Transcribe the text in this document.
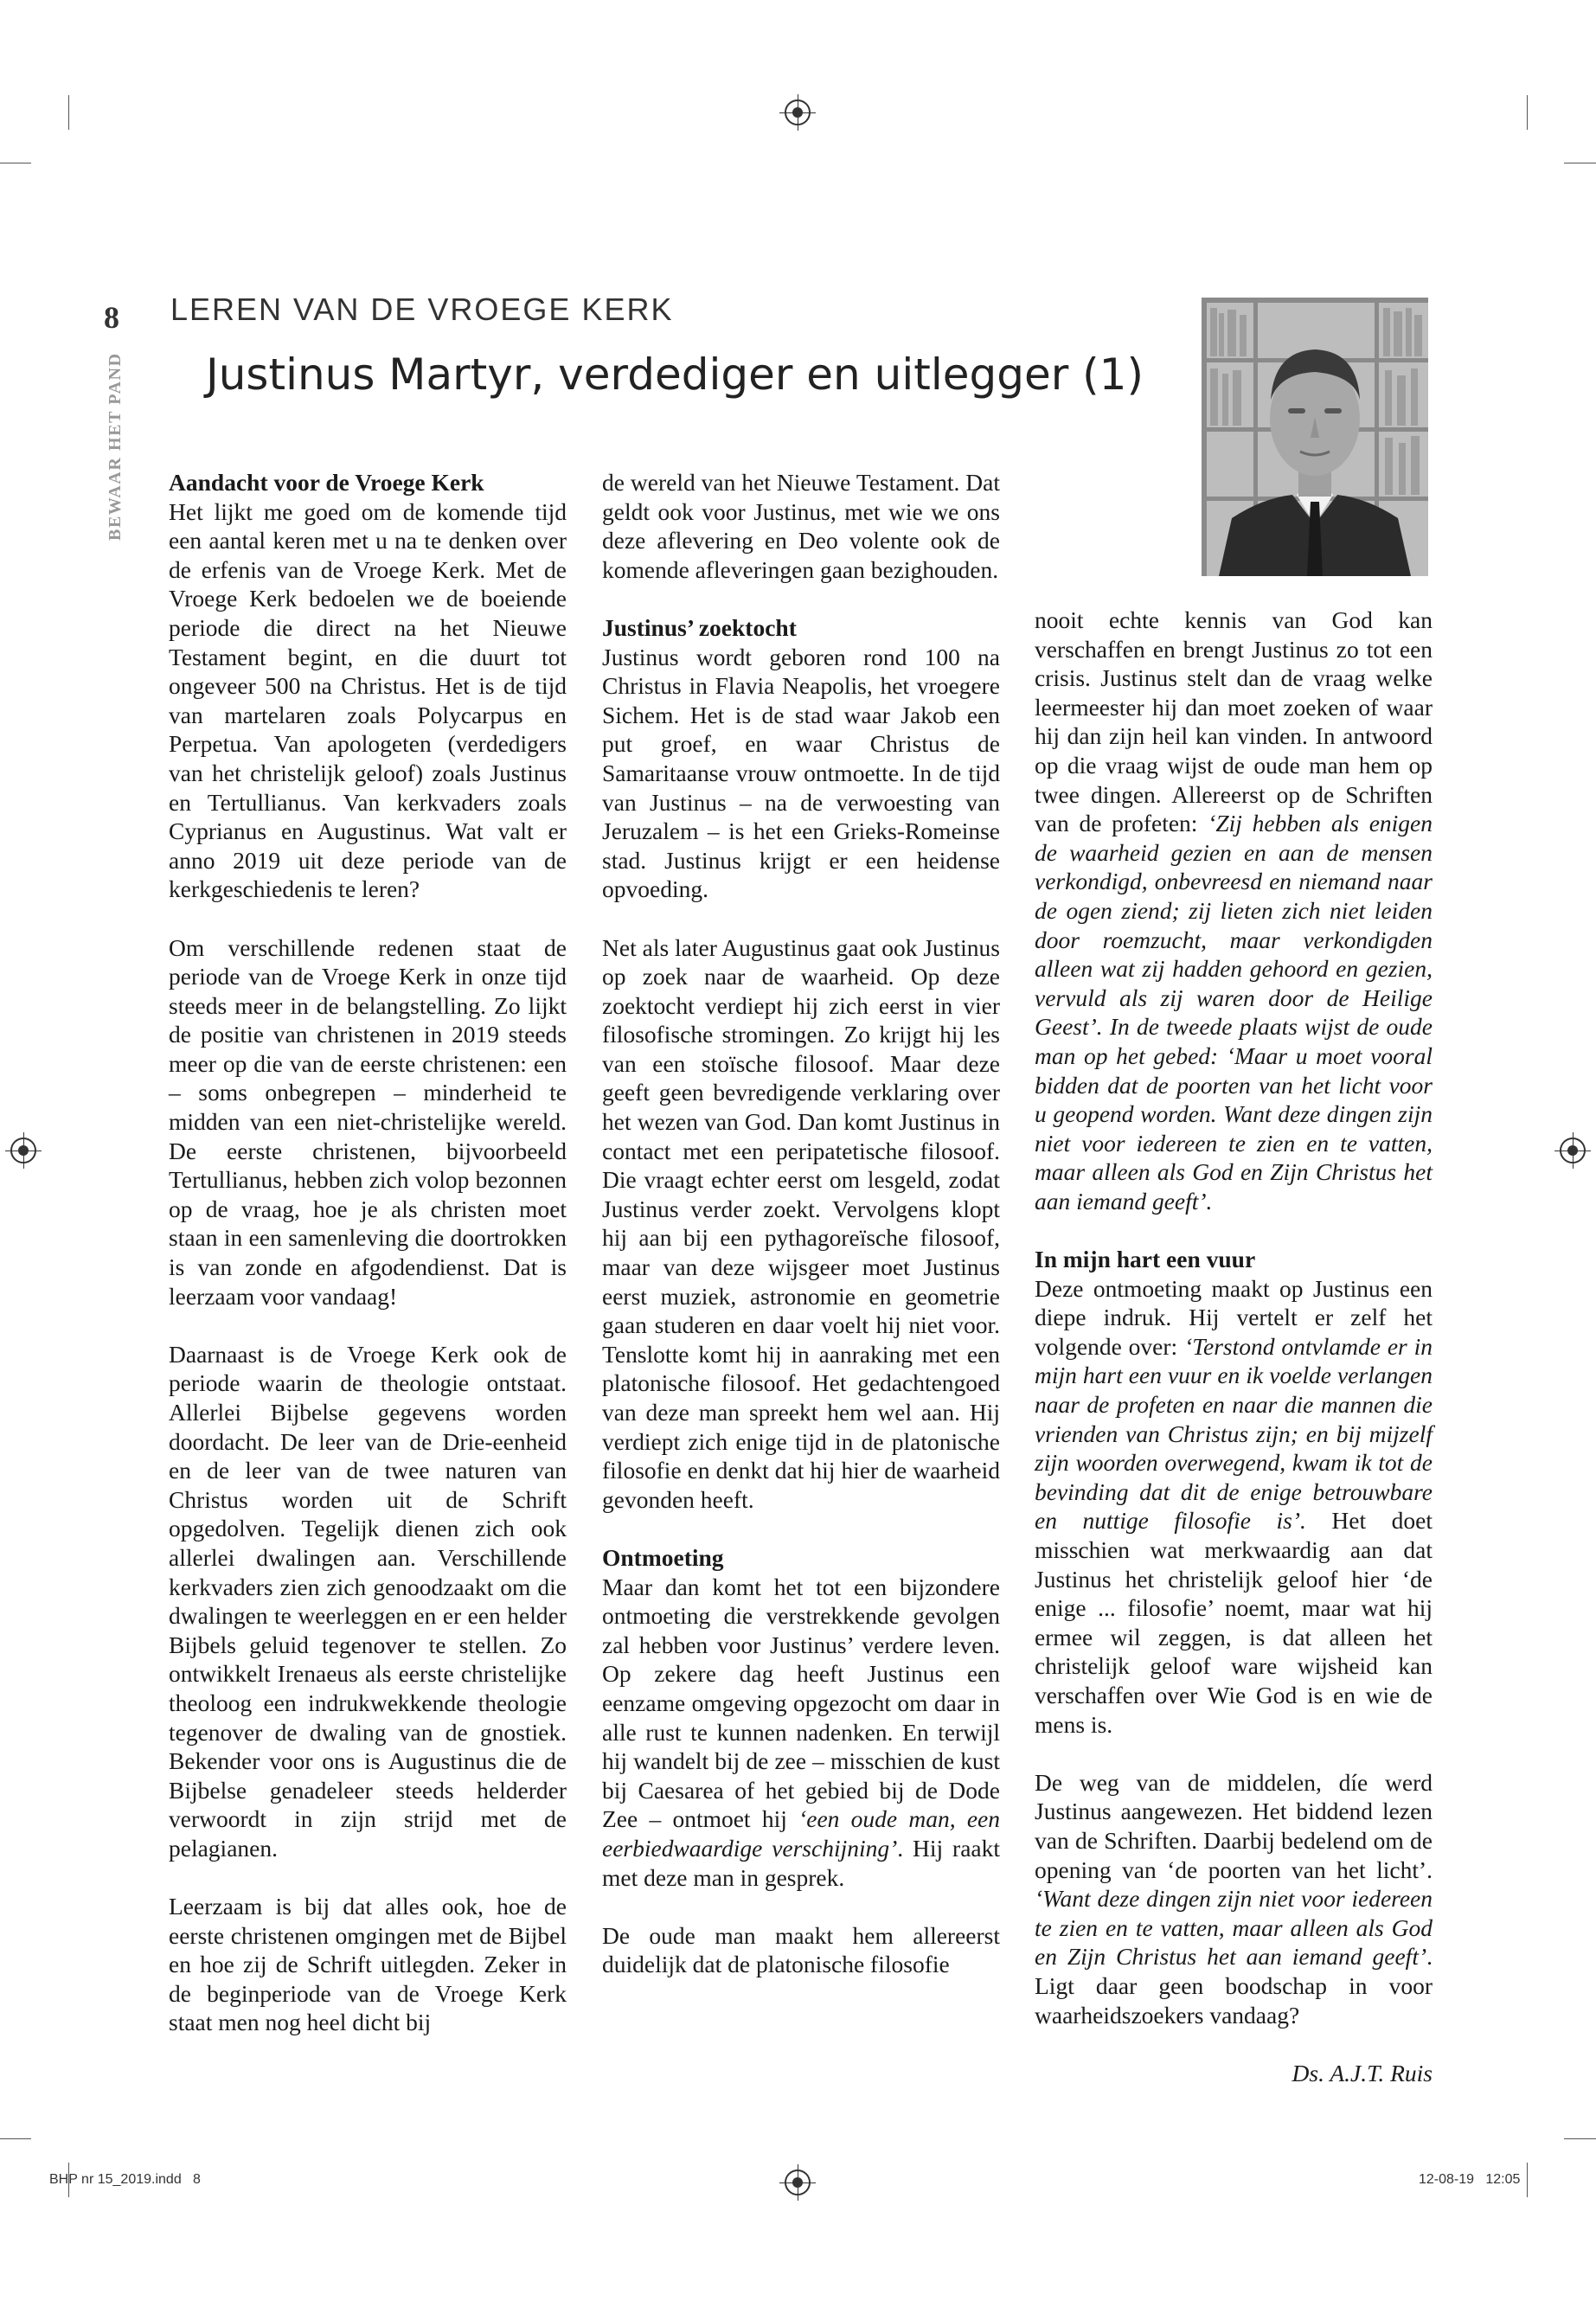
8
BEWAAR HET PAND
LEREN VAN DE VROEGE KERK
Justinus Martyr, verdediger en uitlegger (1)
Aandacht voor de Vroege Kerk

Het lijkt me goed om de komende tijd een aantal keren met u na te denken over de erfenis van de Vroege Kerk. Met de Vroege Kerk bedoelen we de boeiende periode die direct na het Nieuwe Testament begint, en die duurt tot ongeveer 500 na Christus. Het is de tijd van martelaren zoals Polycarpus en Perpetua. Van apologeten (verdedigers van het christelijk geloof) zoals Justinus en Tertullianus. Van kerkvaders zoals Cyprianus en Augustinus. Wat valt er anno 2019 uit deze periode van de kerkgeschiedenis te leren?

Om verschillende redenen staat de periode van de Vroege Kerk in onze tijd steeds meer in de belangstelling. Zo lijkt de positie van christenen in 2019 steeds meer op die van de eerste christenen: een – soms onbegrepen – minderheid te midden van een niet-christelijke wereld. De eerste christenen, bijvoorbeeld Tertullianus, hebben zich volop bezonnen op de vraag, hoe je als christen moet staan in een samenleving die doortrokken is van zonde en afgodendienst. Dat is leerzaam voor vandaag!

Daarnaast is de Vroege Kerk ook de periode waarin de theologie ontstaat. Allerlei Bijbelse gegevens worden doordacht. De leer van de Drie-eenheid en de leer van de twee naturen van Christus worden uit de Schrift opgedolven. Tegelijk dienen zich ook allerlei dwalingen aan. Verschillende kerkvaders zien zich genoodzaakt om die dwalingen te weerleggen en er een helder Bijbels geluid tegenover te stellen. Zo ontwikkelt Irenaeus als eerste christelijke theoloog een indrukwekkende theologie tegenover de dwaling van de gnostiek. Bekender voor ons is Augustinus die de Bijbelse genadeleer steeds helderder verwoordt in zijn strijd met de pelagianen.

Leerzaam is bij dat alles ook, hoe de eerste christenen omgingen met de Bijbel en hoe zij de Schrift uitlegden. Zeker in de beginperiode van de Vroege Kerk staat men nog heel dicht bij

de wereld van het Nieuwe Testament. Dat geldt ook voor Justinus, met wie we ons deze aflevering en Deo volente ook de komende afleveringen gaan bezighouden.

Justinus’ zoektocht

Justinus wordt geboren rond 100 na Christus in Flavia Neapolis, het vroegere Sichem. Het is de stad waar Jakob een put groef, en waar Christus de Samaritaanse vrouw ontmoette. In de tijd van Justinus – na de verwoesting van Jeruzalem – is het een Grieks-Romeinse stad. Justinus krijgt er een heidense opvoeding.

Net als later Augustinus gaat ook Justinus op zoek naar de waarheid. Op deze zoektocht verdiept hij zich eerst in vier filosofische stromingen. Zo krijgt hij les van een stoïsche filosoof. Maar deze geeft geen bevredigende verklaring over het wezen van God. Dan komt Justinus in contact met een peripatetische filosoof. Die vraagt echter eerst om lesgeld, zodat Justinus verder zoekt. Vervolgens klopt hij aan bij een pythagoreïsche filosoof, maar van deze wijsgeer moet Justinus eerst muziek, astronomie en geometrie gaan studeren en daar voelt hij niet voor. Tenslotte komt hij in aanraking met een platonische filosoof. Het gedachtengoed van deze man spreekt hem wel aan. Hij verdiept zich enige tijd in de platonische filosofie en denkt dat hij hier de waarheid gevonden heeft.

Ontmoeting

Maar dan komt het tot een bijzondere ontmoeting die verstrekkende gevolgen zal hebben voor Justinus’ verdere leven. Op zekere dag heeft Justinus een eenzame omgeving opgezocht om daar in alle rust te kunnen nadenken. En terwijl hij wandelt bij de zee – misschien de kust bij Caesarea of het gebied bij de Dode Zee – ontmoet hij ‘een oude man, een eerbiedwaardige verschijning’. Hij raakt met deze man in gesprek.

De oude man maakt hem allereerst duidelijk dat de platonische filosofie

nooit echte kennis van God kan verschaffen en brengt Justinus zo tot een crisis. Justinus stelt dan de vraag welke leermeester hij dan moet zoeken of waar hij dan zijn heil kan vinden. In antwoord op die vraag wijst de oude man hem op twee dingen. Allereerst op de Schriften van de profeten: ‘Zij hebben als enigen de waarheid gezien en aan de mensen verkondigd, onbevreesd en niemand naar de ogen ziend; zij lieten zich niet leiden door roemzucht, maar verkondigden alleen wat zij hadden gehoord en gezien, vervuld als zij waren door de Heilige Geest’. In de tweede plaats wijst de oude man op het gebed: ‘Maar u moet vooral bidden dat de poorten van het licht voor u geopend worden. Want deze dingen zijn niet voor iedereen te zien en te vatten, maar alleen als God en Zijn Christus het aan iemand geeft’.

In mijn hart een vuur

Deze ontmoeting maakt op Justinus een diepe indruk. Hij vertelt er zelf het volgende over: ‘Terstond ontvlamde er in mijn hart een vuur en ik voelde verlangen naar de profeten en naar die mannen die vrienden van Christus zijn; en bij mijzelf zijn woorden overwegend, kwam ik tot de bevinding dat dit de enige betrouwbare en nuttige filosofie is’. Het doet misschien wat merkwaardig aan dat Justinus het christelijk geloof hier ‘de enige ... filosofie’ noemt, maar wat hij ermee wil zeggen, is dat alleen het christelijk geloof ware wijsheid kan verschaffen over Wie God is en wie de mens is.

De weg van de middelen, díe werd Justinus aangewezen. Het biddend lezen van de Schriften. Daarbij bedelend om de opening van ‘de poorten van het licht’. ‘Want deze dingen zijn niet voor iedereen te zien en te vatten, maar alleen als God en Zijn Christus het aan iemand geeft’. Ligt daar geen boodschap in voor waarheidszoekers vandaag?

Ds. A.J.T. Ruis

BHP nr 15_2019.indd   8	12-08-19   12:05
